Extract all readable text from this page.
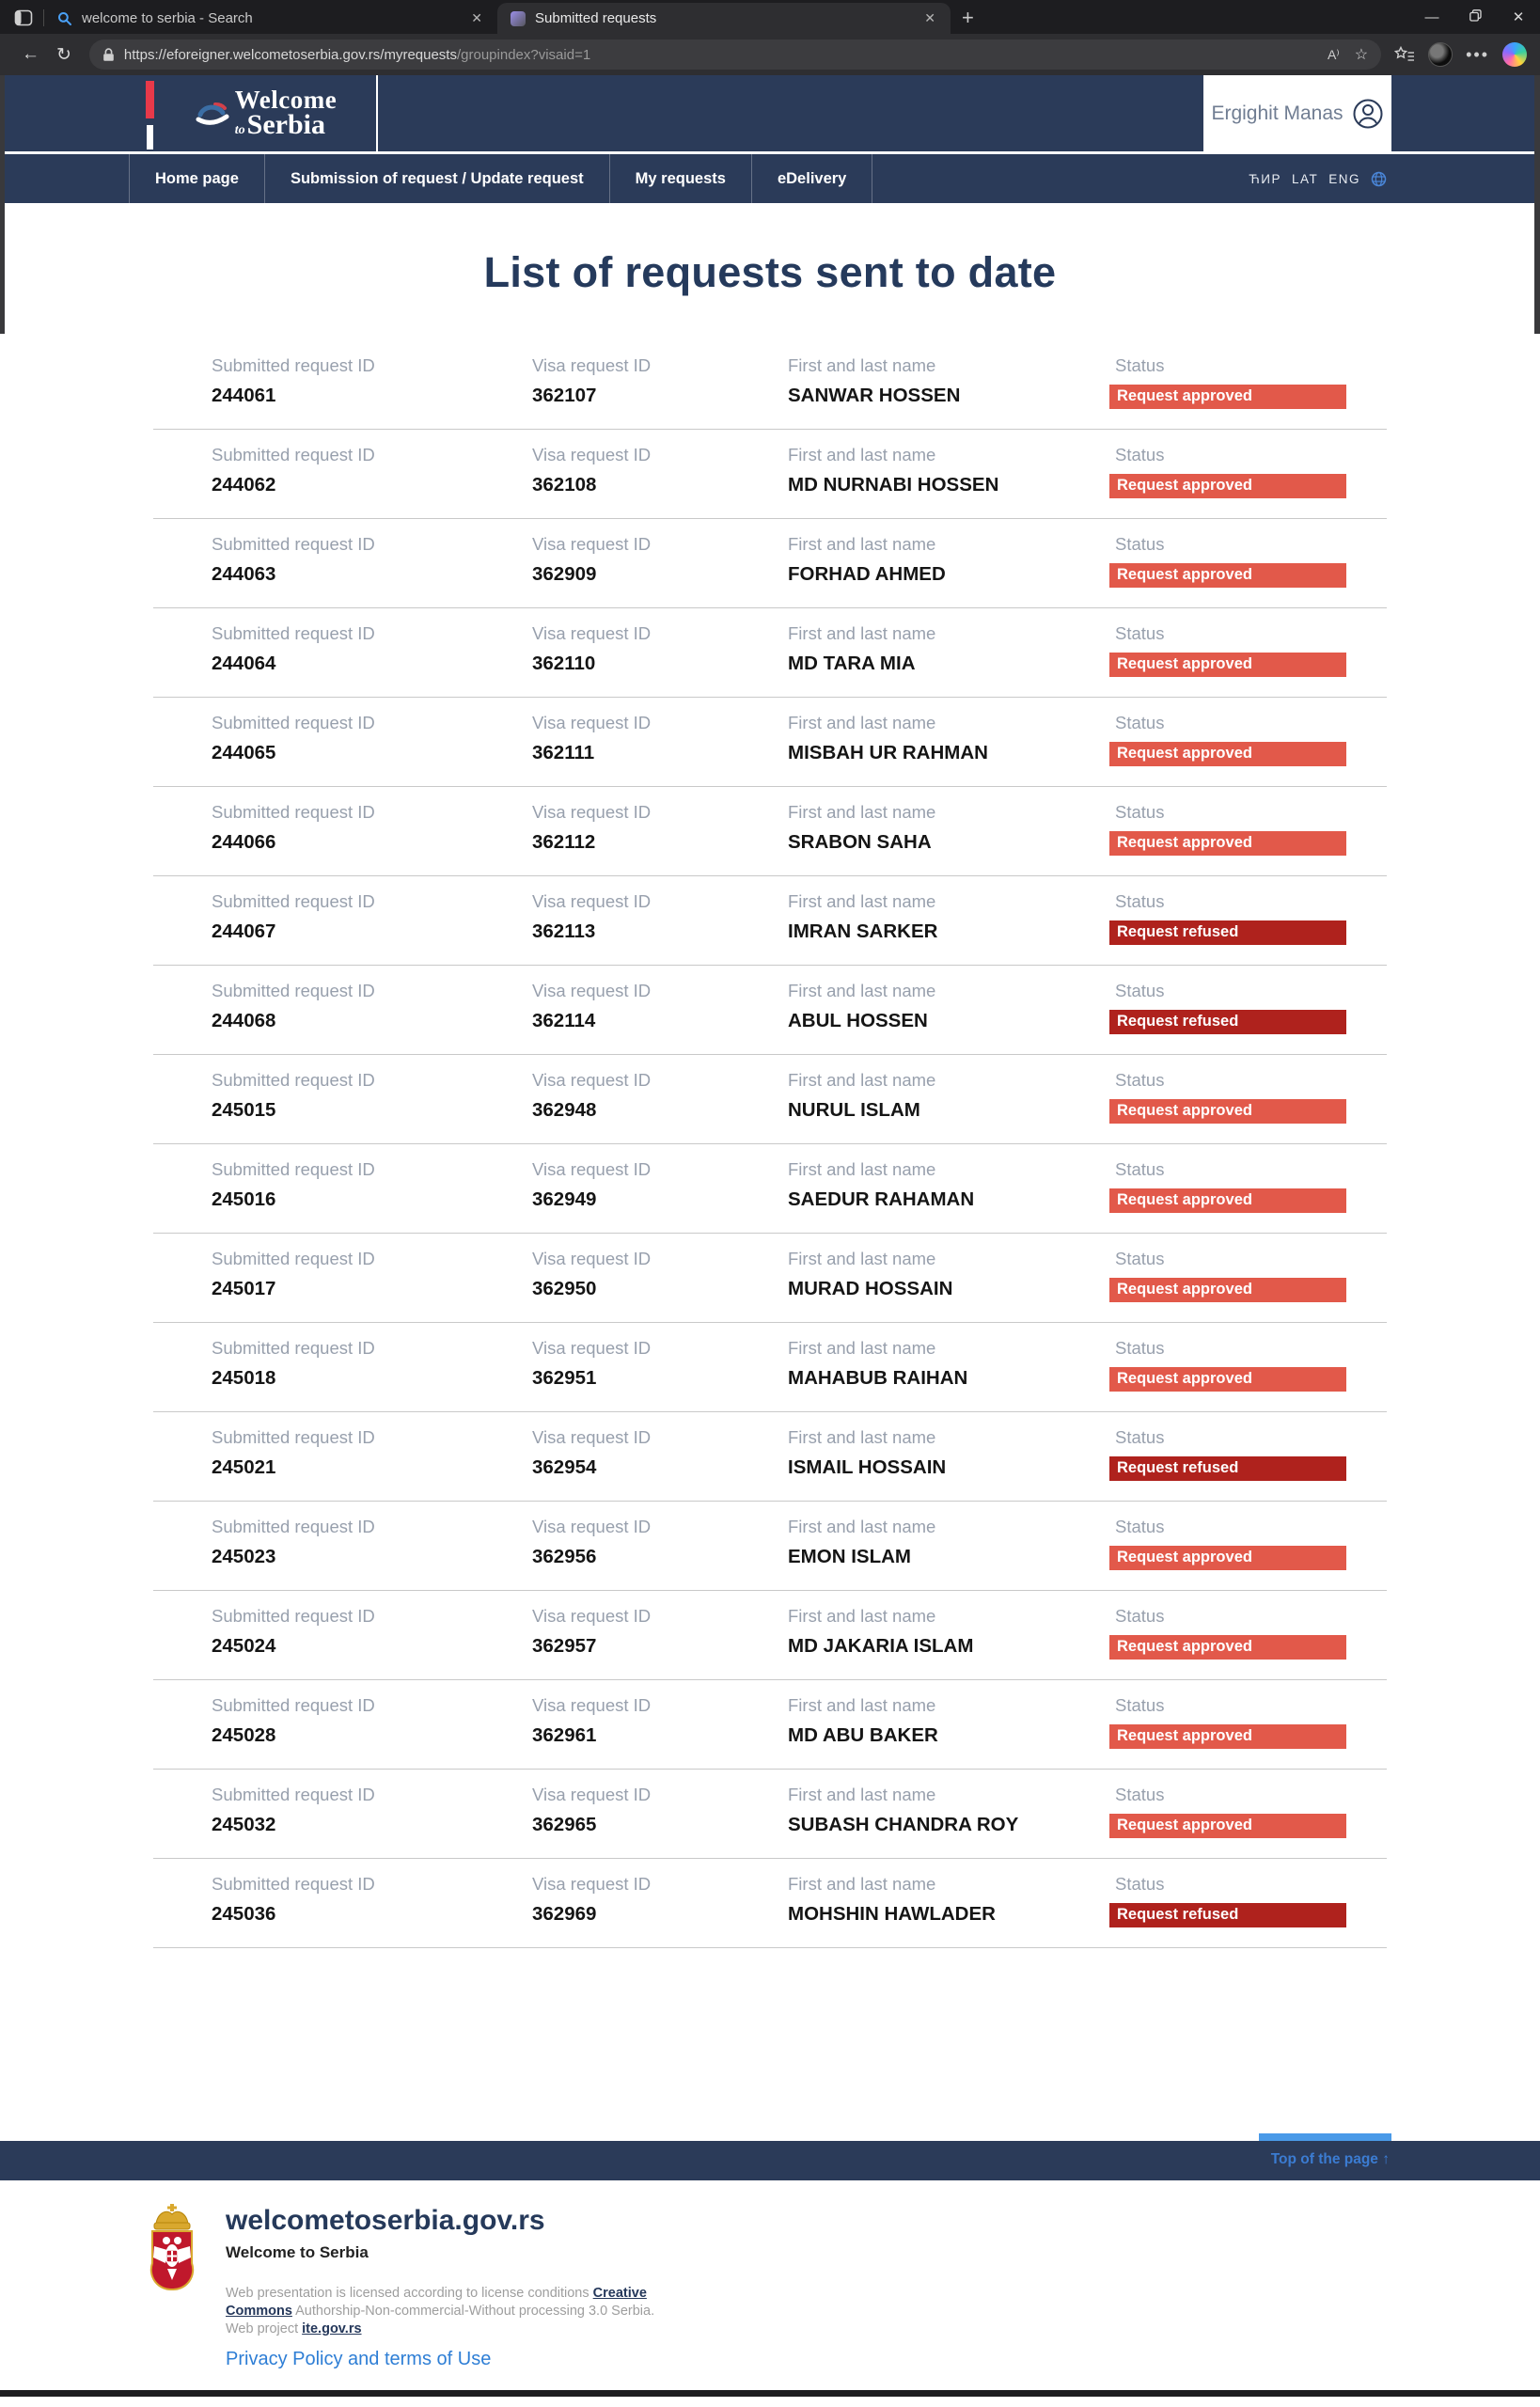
welcome to serbia - Search	✕	Submitted requests	✕ +	—	✕
← ↻	https://eforeigner.welcometoserbia.gov.rs/myrequests/groupindex?visaid=1	A⁾ ☆	•••
Welcome
toSerbia	Ergighit Manas
Home page	Submission of request / Update request	My requests	eDelivery	ЋИР LAT ENG
List of requests sent to date
Submitted request ID
244061
Visa request ID
362107
First and last name
SANWAR HOSSEN
Status
Request approved
Submitted request ID
244062
Visa request ID
362108
First and last name
MD NURNABI HOSSEN
Status
Request approved
Submitted request ID
244063
Visa request ID
362909
First and last name
FORHAD AHMED
Status
Request approved
Submitted request ID
244064
Visa request ID
362110
First and last name
MD TARA MIA
Status
Request approved
Submitted request ID
244065
Visa request ID
362111
First and last name
MISBAH UR RAHMAN
Status
Request approved
Submitted request ID
244066
Visa request ID
362112
First and last name
SRABON SAHA
Status
Request approved
Submitted request ID
244067
Visa request ID
362113
First and last name
IMRAN SARKER
Status
Request refused
Submitted request ID
244068
Visa request ID
362114
First and last name
ABUL HOSSEN
Status
Request refused
Submitted request ID
245015
Visa request ID
362948
First and last name
NURUL ISLAM
Status
Request approved
Submitted request ID
245016
Visa request ID
362949
First and last name
SAEDUR RAHAMAN
Status
Request approved
Submitted request ID
245017
Visa request ID
362950
First and last name
MURAD HOSSAIN
Status
Request approved
Submitted request ID
245018
Visa request ID
362951
First and last name
MAHABUB RAIHAN
Status
Request approved
Submitted request ID
245021
Visa request ID
362954
First and last name
ISMAIL HOSSAIN
Status
Request refused
Submitted request ID
245023
Visa request ID
362956
First and last name
EMON ISLAM
Status
Request approved
Submitted request ID
245024
Visa request ID
362957
First and last name
MD JAKARIA ISLAM
Status
Request approved
Submitted request ID
245028
Visa request ID
362961
First and last name
MD ABU BAKER
Status
Request approved
Submitted request ID
245032
Visa request ID
362965
First and last name
SUBASH CHANDRA ROY
Status
Request approved
Submitted request ID
245036
Visa request ID
362969
First and last name
MOHSHIN HAWLADER
Status
Request refused
Top of the page ↑
welcometoserbia.gov.rs
Welcome to Serbia
Web presentation is licensed according to license conditions Creative
Commons Authorship-Non-commercial-Without processing 3.0 Serbia.
Web project ite.gov.rs
Privacy Policy and terms of Use
